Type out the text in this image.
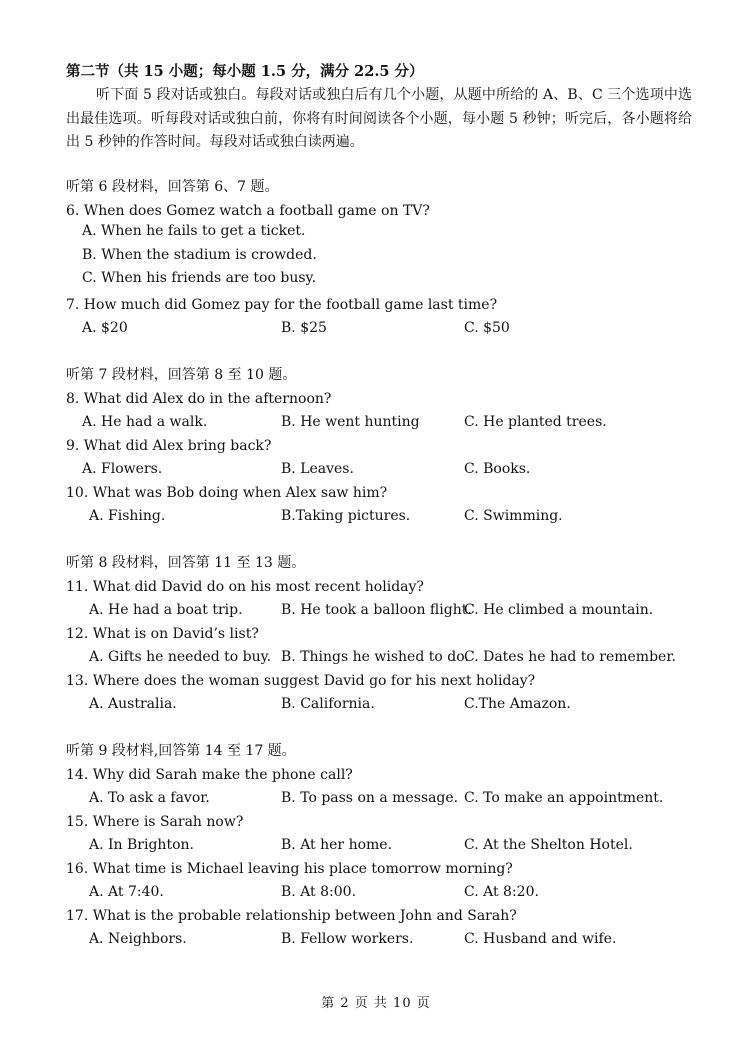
第二节（共 15 小题；每小题 1.5 分，满分 22.5 分）
听下面 5 段对话或独白。每段对话或独白后有几个小题，从题中所给的 A、B、C 三个选项中选出最佳选项。听每段对话或独白前，你将有时间阅读各个小题，每小题 5 秒钟；听完后，各小题将给出 5 秒钟的作答时间。每段对话或独白读两遍。
听第 6 段材料，回答第 6、7 题。
6. When does Gomez watch a football game on TV?
A. When he fails to get a ticket.
B. When the stadium is crowded.
C. When his friends are too busy.
7. How much did Gomez pay for the football game last time?
A. $20	B. $25	C. $50
听第 7 段材料，回答第 8 至 10 题。
8. What did Alex do in the afternoon?
A. He had a walk.	B. He went hunting	C. He planted trees.
9. What did Alex bring back?
A. Flowers.	B. Leaves.	C. Books.
10. What was Bob doing when Alex saw him?
A. Fishing.	B.Taking pictures.	C. Swimming.
听第 8 段材料，回答第 11 至 13 题。
11. What did David do on his most recent holiday?
A. He had a boat trip.	B. He took a balloon flight.
C. He climbed a mountain.
12. What is on David’s list?
A. Gifts he needed to buy. B. Things he wished to do.
C. Dates he had to remember.
13. Where does the woman suggest David go for his next holiday?
A. Australia.	B. California.	C.The Amazon.
听第 9 段材料,回答第 14 至 17 题。
14. Why did Sarah make the phone call?
A. To ask a favor.	B. To pass on a message. C. To make an appointment.
15. Where is Sarah now?
A. In Brighton.	B. At her home.	C. At the Shelton Hotel.
16. What time is Michael leaving his place tomorrow morning?
A. At 7:40.	B. At 8:00.	C. At 8:20.
17. What is the probable relationship between John and Sarah?
A. Neighbors.	B. Fellow workers.	C. Husband and wife.
第 2 页 共 10 页
